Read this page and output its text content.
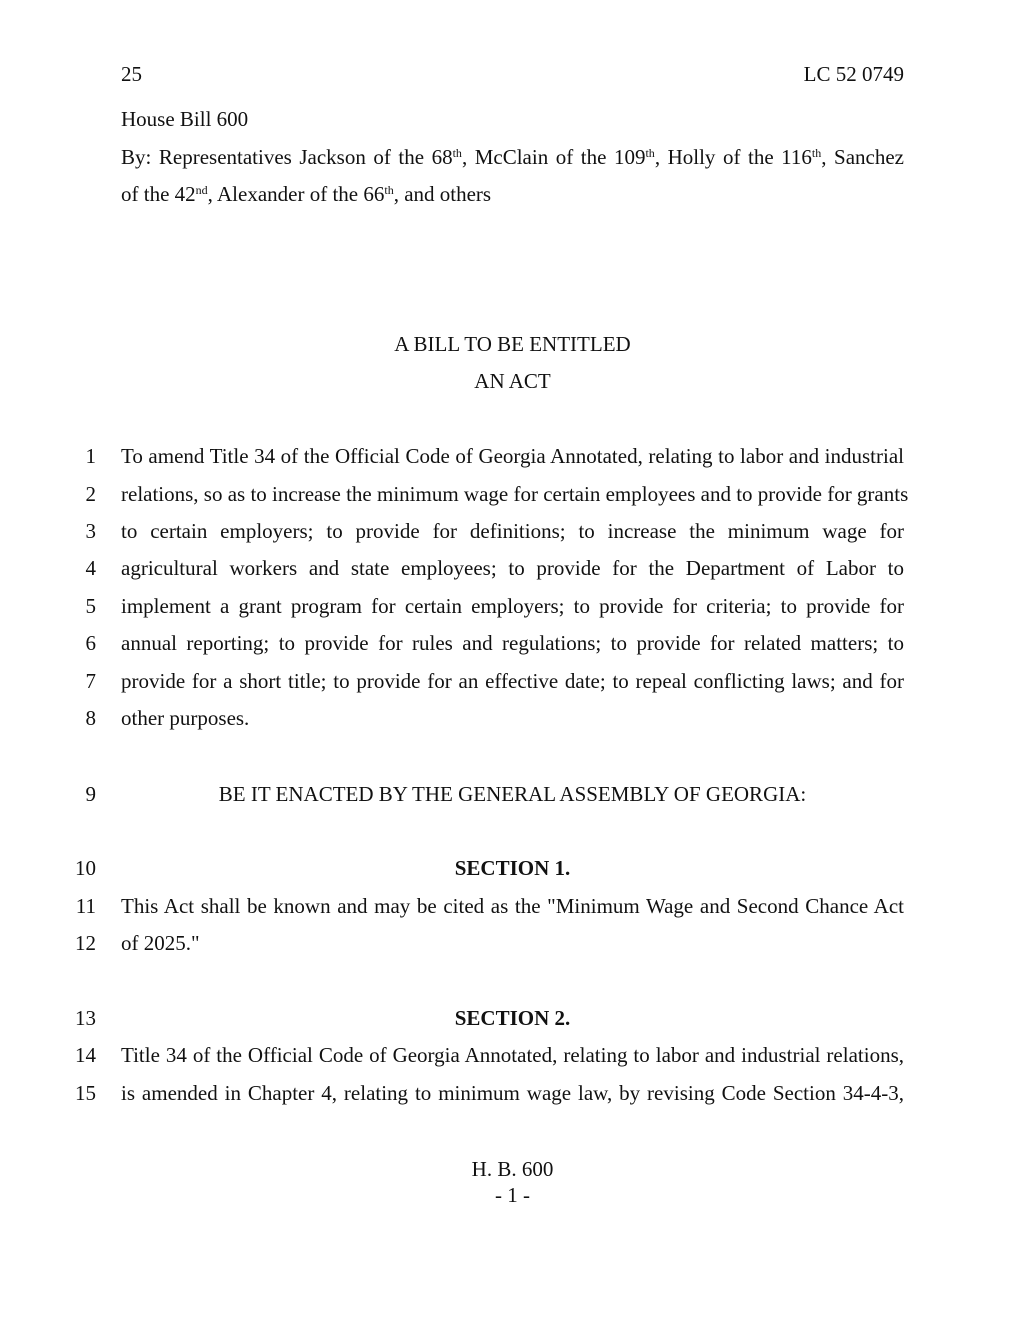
25	LC 52 0749
House Bill 600
By: Representatives Jackson of the 68th, McClain of the 109th, Holly of the 116th, Sanchez
of the 42nd, Alexander of the 66th, and others
A BILL TO BE ENTITLED
AN ACT
1 To amend Title 34 of the Official Code of Georgia Annotated, relating to labor and industrial
2 relations, so as to increase the minimum wage for certain employees and to provide for grants
3 to certain employers; to provide for definitions; to increase the minimum wage for
4 agricultural workers and state employees; to provide for the Department of Labor to
5 implement a grant program for certain employers; to provide for criteria; to provide for
6 annual reporting; to provide for rules and regulations; to provide for related matters; to
7 provide for a short title; to provide for an effective date; to repeal conflicting laws; and for
8 other purposes.
9	BE IT ENACTED BY THE GENERAL ASSEMBLY OF GEORGIA:
10	SECTION 1.
11 This Act shall be known and may be cited as the "Minimum Wage and Second Chance Act
12 of 2025."
13	SECTION 2.
14 Title 34 of the Official Code of Georgia Annotated, relating to labor and industrial relations,
15 is amended in Chapter 4, relating to minimum wage law, by revising Code Section 34-4-3,
H. B. 600
- 1 -
